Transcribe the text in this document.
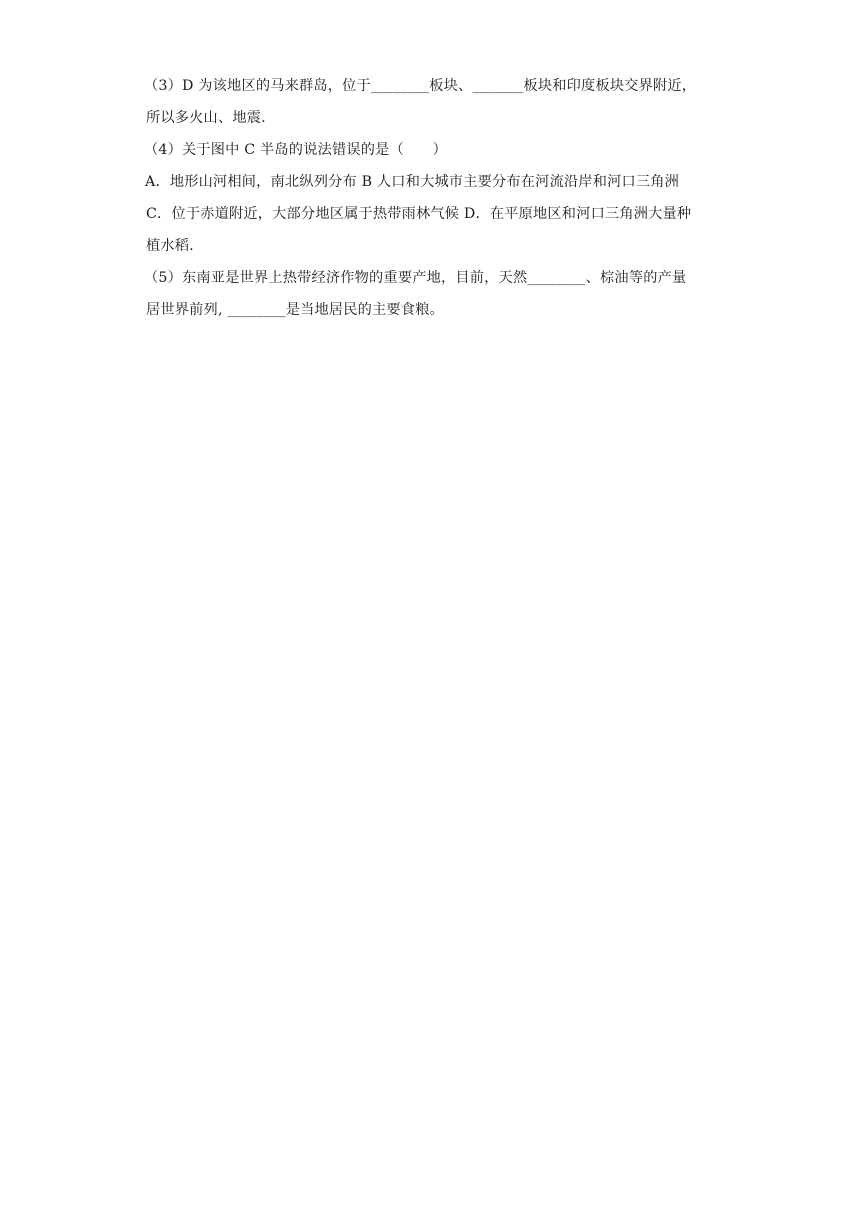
（3）D 为该地区的马来群岛，位于________板块、_______板块和印度板块交界附近，
所以多火山、地震.
（4）关于图中 C 半岛的说法错误的是（　　）
A．地形山河相间，南北纵列分布 B 人口和大城市主要分布在河流沿岸和河口三角洲
C．位于赤道附近，大部分地区属于热带雨林气候 D．在平原地区和河口三角洲大量种
植水稻.
（5）东南亚是世界上热带经济作物的重要产地，目前，天然________、棕油等的产量
居世界前列, ________是当地居民的主要食粮。
